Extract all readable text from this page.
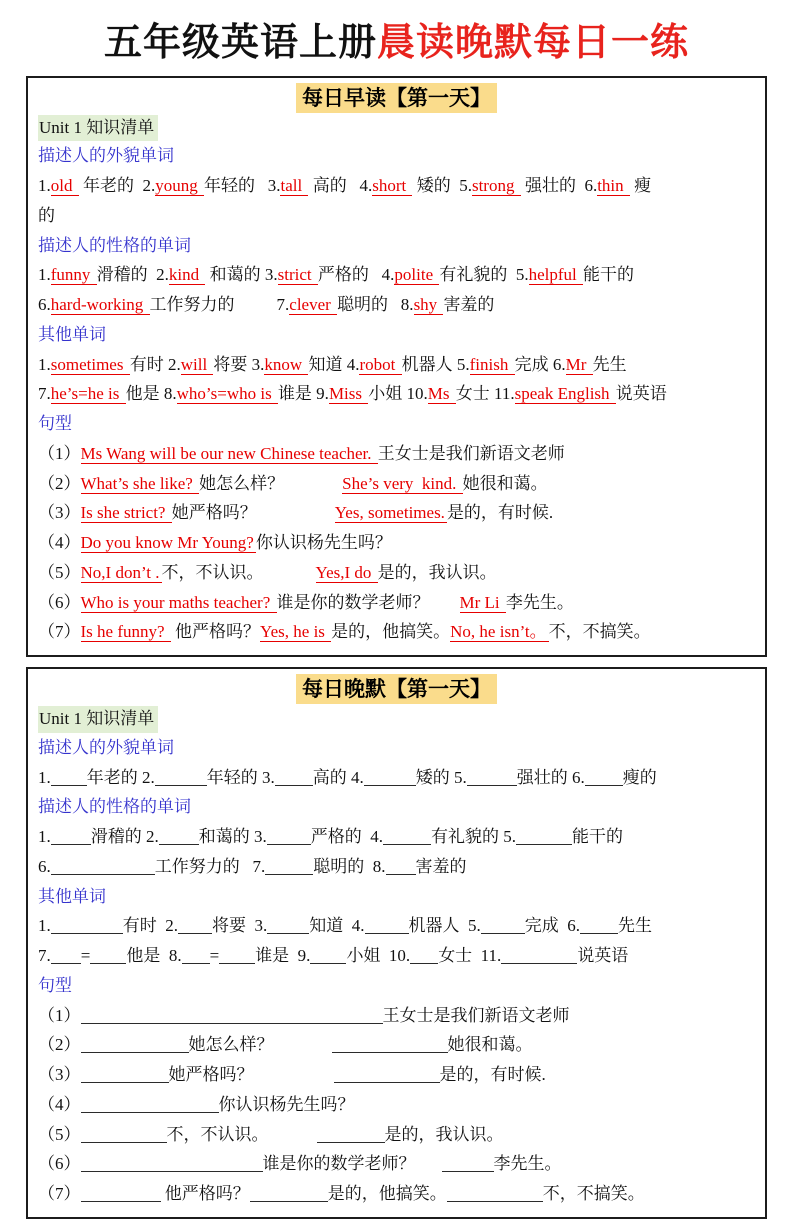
五年级英语上册晨读晚默每日一练
每日早读【第一天】
Unit 1 知识清单
描述人的外貌单词
1.old  年老的  2.young 年轻的   3.tall  高的   4.short  矮的  5.strong  强壮的  6.thin  瘦
的
描述人的性格的单词
1.funny 滑稽的  2.kind  和蔼的 3.strict 严格的   4.polite 有礼貌的  5.helpful 能干的
6.hard-working 工作努力的 7.clever 聪明的   8.shy 害羞的
其他单词
1.sometimes 有时 2.will 将要 3.know 知道 4.robot 机器人 5.finish 完成 6.Mr 先生
7.he’s=he is 他是 8.who’s=who is 谁是 9.Miss 小姐 10.Ms 女士 11.speak English 说英语
句型
（1）Ms Wang will be our new Chinese teacher. 王女士是我们新语文老师
（2）What’s she like? 她怎么样？	She’s very  kind. 她很和蔼。
（3）Is she strict? 她严格吗？	Yes, sometimes. 是的，有时候.
（4）Do you know Mr Young? 你认识杨先生吗？
（5）No,I don’t . 不，不认识。	Yes,I do 是的，我认识。
（6）Who is your maths teacher? 谁是你的数学老师？ Mr Li 李先生。
（7）Is he funny?  他严格吗？Yes, he is 是的，他搞笑。No, he isn’t。 不，不搞笑。
每日晚默【第一天】
Unit 1 知识清单
描述人的外貌单词
1. 年老的 2.	年轻的 3. 高的 4.	矮的 5.	强壮的 6. 瘦的
描述人的性格的单词
1. 滑稽的 2. 和蔼的 3.	严格的  4.	有礼貌的 5.	能干的
6.	工作努力的   7.	聪明的  8. 害羞的
其他单词
1.	有时  2. 将要  3. 知道  4.	机器人  5.	完成  6. 先生
7. = 他是  8. = 谁是  9. 小姐  10. 女士  11.	说英语
句型
（1）	王女士是我们新语文老师
（2）	她怎么样？	她很和蔼。
（3）	她严格吗？	是的，有时候.
（4）	你认识杨先生吗？
（5）	不，不认识。	是的，我认识。
（6）	谁是你的数学老师？	李先生。
（7）	他严格吗？	是的，他搞笑。	不，不搞笑。
